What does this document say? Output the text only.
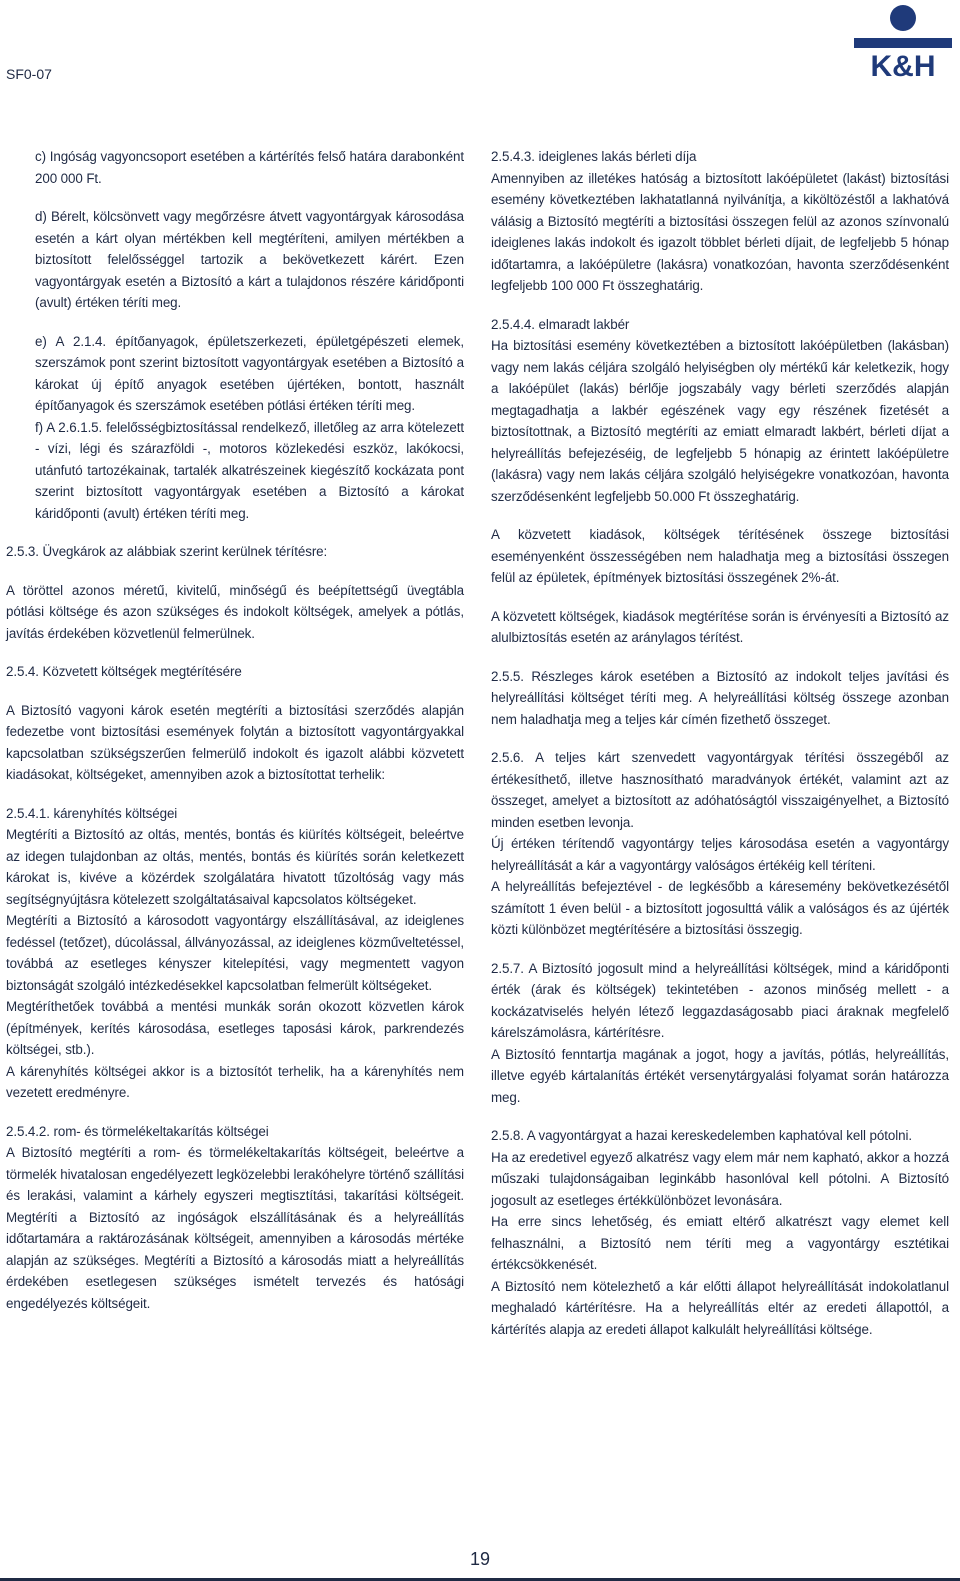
SF0-07	K&H

c) Ingóság vagyoncsoport esetében a kártérítés felső határa darabonként 200 000 Ft.

d) Bérelt, kölcsönvett vagy megőrzésre átvett vagyontárgyak károsodása esetén a kárt olyan mértékben kell megtéríteni, amilyen mértékben a biztosított felelősséggel tartozik a bekövetkezett kárért. Ezen vagyontárgyak esetén a Biztosító a kárt a tulajdonos részére káridőponti (avult) értéken téríti meg.

e) A 2.1.4. építőanyagok, épületszerkezeti, épületgépészeti elemek, szerszámok pont szerint biztosított vagyontárgyak esetében a Biztosító a károkat új építő anyagok esetében újértéken, bontott, használt építőanyagok és szerszámok esetében pótlási értéken téríti meg.

f) A 2.6.1.5. felelősségbiztosítással rendelkező, illetőleg az arra kötelezett - vízi, légi és szárazföldi -, motoros közlekedési eszköz, lakókocsi, utánfutó tartozékainak, tartalék alkatrészeinek kiegészítő kockázata pont szerint biztosított vagyontárgyak esetében a Biztosító a károkat káridőponti (avult) értéken téríti meg.

2.5.3. Üvegkárok az alábbiak szerint kerülnek térítésre:

A töröttel azonos méretű, kivitelű, minőségű és beépítettségű üvegtábla pótlási költsége és azon szükséges és indokolt költségek, amelyek a pótlás, javítás érdekében közvetlenül felmerülnek.

2.5.4. Közvetett költségek megtérítésére

A Biztosító vagyoni károk esetén megtéríti a biztosítási szerződés alapján fedezetbe vont biztosítási események folytán a biztosított vagyontárgyakkal kapcsolatban szükségszerűen felmerülő indokolt és igazolt alábbi közvetett kiadásokat, költségeket, amennyiben azok a biztosítottat terhelik:

2.5.4.1. kárenyhítés költségei

Megtéríti a Biztosító az oltás, mentés, bontás és kiürítés költségeit, beleértve az idegen tulajdonban az oltás, mentés, bontás és kiürítés során keletkezett károkat is, kivéve a közérdek szolgálatára hivatott tűzoltóság vagy más segítségnyújtásra kötelezett szolgáltatásaival kapcsolatos költségeket.

Megtéríti a Biztosító a károsodott vagyontárgy elszállításával, az ideiglenes fedéssel (tetőzet), dúcolással, állványozással, az ideiglenes közműveltetéssel, továbbá az esetleges kényszer kitelepítési, vagy megmentett vagyon biztonságát szolgáló intézkedésekkel kapcsolatban felmerült költségeket.

Megtéríthetőek továbbá a mentési munkák során okozott közvetlen károk (építmények, kerítés károsodása, esetleges taposási károk, parkrendezés költségei, stb.).

A kárenyhítés költségei akkor is a biztosítót terhelik, ha a kárenyhítés nem vezetett eredményre.

2.5.4.2. rom- és törmelékeltakarítás költségei

A Biztosító megtéríti a rom- és törmelékeltakarítás költségeit, beleértve a törmelék hivatalosan engedélyezett legközelebbi lerakóhelyre történő szállítási és lerakási, valamint a kárhely egyszeri megtisztítási, takarítási költségeit. Megtéríti a Biztosító az ingóságok elszállításának és a helyreállítás időtartamára a raktározásának költségeit, amennyiben a károsodás mértéke alapján az szükséges. Megtéríti a Biztosító a károsodás miatt a helyreállítás érdekében esetlegesen szükséges ismételt tervezés és hatósági engedélyezés költségeit.

2.5.4.3. ideiglenes lakás bérleti díja

Amennyiben az illetékes hatóság a biztosított lakóépületet (lakást) biztosítási esemény következtében lakhatatlanná nyilvánítja, a kiköltözéstől a lakhatóvá válásig a Biztosító megtéríti a biztosítási összegen felül az azonos színvonalú ideiglenes lakás indokolt és igazolt többlet bérleti díjait, de legfeljebb 5 hónap időtartamra, a lakóépületre (lakásra) vonatkozóan, havonta szerződésenként legfeljebb 100 000 Ft összeghatárig.

2.5.4.4. elmaradt lakbér

Ha biztosítási esemény következtében a biztosított lakóépületben (lakásban) vagy nem lakás céljára szolgáló helyiségben oly mértékű kár keletkezik, hogy a lakóépület (lakás) bérlője jogszabály vagy bérleti szerződés alapján megtagadhatja a lakbér egészének vagy egy részének fizetését a biztosítottnak, a Biztosító megtéríti az emiatt elmaradt lakbért, bérleti díjat a helyreállítás befejezéséig, de legfeljebb 5 hónapig az érintett lakóépületre (lakásra) vagy nem lakás céljára szolgáló helyiségekre vonatkozóan, havonta szerződésenként legfeljebb 50.000 Ft összeghatárig.

A közvetett kiadások, költségek térítésének összege biztosítási eseményenként összességében nem haladhatja meg a biztosítási összegen felül az épületek, építmények biztosítási összegének 2%-át.

A közvetett költségek, kiadások megtérítése során is érvényesíti a Biztosító az alulbiztosítás esetén az aránylagos térítést.

2.5.5. Részleges károk esetében a Biztosító az indokolt teljes javítási és helyreállítási költséget téríti meg. A helyreállítási költség összege azonban nem haladhatja meg a teljes kár címén fizethető összeget.

2.5.6. A teljes kárt szenvedett vagyontárgyak térítési összegéből az értékesíthető, illetve hasznosítható maradványok értékét, valamint azt az összeget, amelyet a biztosított az adóhatóságtól visszaigényelhet, a Biztosító minden esetben levonja.

Új értéken térítendő vagyontárgy teljes károsodása esetén a vagyontárgy helyreállítását a kár a vagyontárgy valóságos értékéig kell téríteni.

A helyreállítás befejeztével - de legkésőbb a káresemény bekövetkezésétől számított 1 éven belül - a biztosított jogosulttá válik a valóságos és az újérték közti különbözet megtérítésére a biztosítási összegig.

2.5.7. A Biztosító jogosult mind a helyreállítási költségek, mind a káridőponti érték (árak és költségek) tekintetében - azonos minőség mellett - a kockázatviselés helyén létező leggazdaságosabb piaci áraknak megfelelő kárelszámolásra, kártérítésre.

A Biztosító fenntartja magának a jogot, hogy a javítás, pótlás, helyreállítás, illetve egyéb kártalanítás értékét versenytárgyalási folyamat során határozza meg.

2.5.8. A vagyontárgyat a hazai kereskedelemben kaphatóval kell pótolni.

Ha az eredetivel egyező alkatrész vagy elem már nem kapható, akkor a hozzá műszaki tulajdonságaiban leginkább hasonlóval kell pótolni. A Biztosító jogosult az esetleges értékkülönbözet levonására.

Ha erre sincs lehetőség, és emiatt eltérő alkatrészt vagy elemet kell felhasználni, a Biztosító nem téríti meg a vagyontárgy esztétikai értékcsökkenését.

A Biztosító nem kötelezhető a kár előtti állapot helyreállítását indokolatlanul meghaladó kártérítésre. Ha a helyreállítás eltér az eredeti állapottól, a kártérítés alapja az eredeti állapot kalkulált helyreállítási költsége.

19
